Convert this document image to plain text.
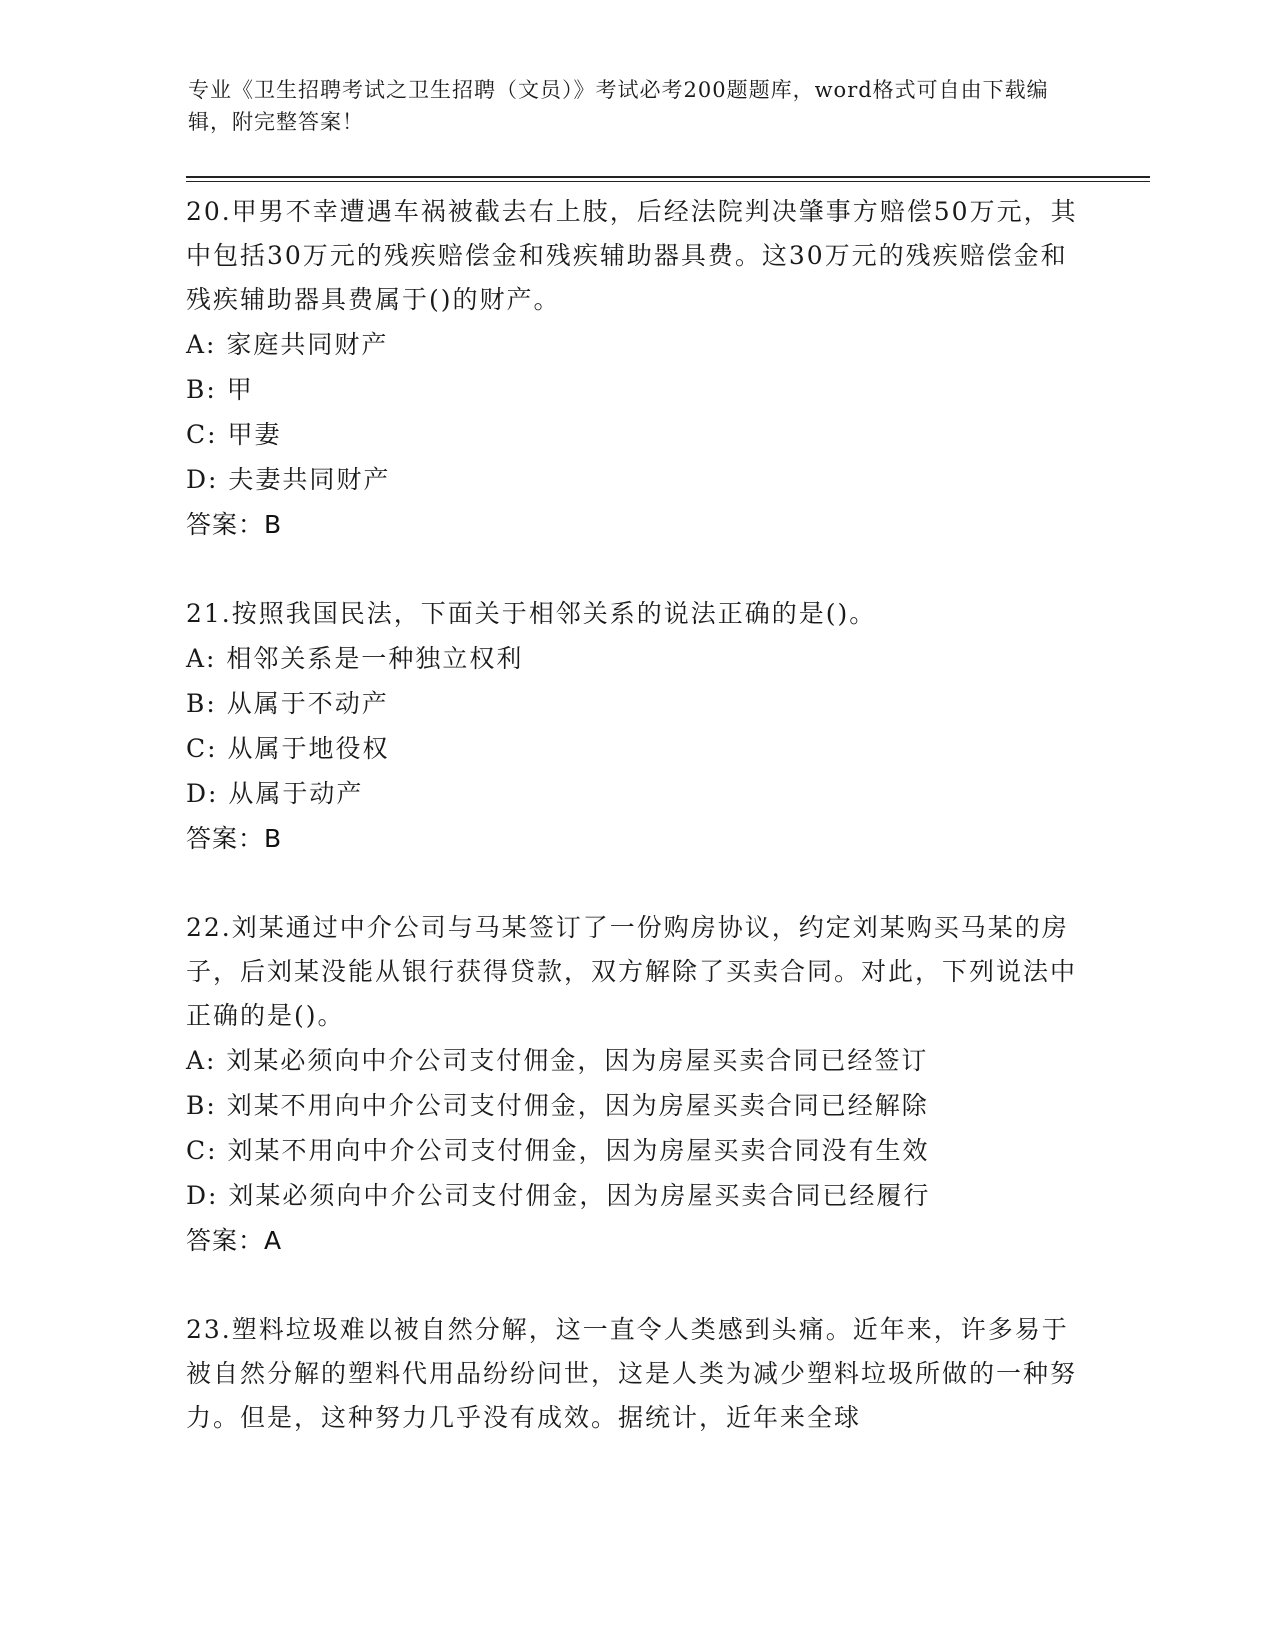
专业《卫生招聘考试之卫生招聘（文员）》考试必考200题题库，word格式可自由下载编辑，附完整答案！

20.甲男不幸遭遇车祸被截去右上肢，后经法院判决肇事方赔偿50万元，其中包括30万元的残疾赔偿金和残疾辅助器具费。这30万元的残疾赔偿金和残疾辅助器具费属于()的财产。

A: 家庭共同财产

B: 甲

C: 甲妻

D: 夫妻共同财产

答案：B

21.按照我国民法，下面关于相邻关系的说法正确的是()。

A: 相邻关系是一种独立权利

B: 从属于不动产

C: 从属于地役权

D: 从属于动产

答案：B

22.刘某通过中介公司与马某签订了一份购房协议，约定刘某购买马某的房子，后刘某没能从银行获得贷款，双方解除了买卖合同。对此，下列说法中正确的是()。

A: 刘某必须向中介公司支付佣金，因为房屋买卖合同已经签订

B: 刘某不用向中介公司支付佣金，因为房屋买卖合同已经解除

C: 刘某不用向中介公司支付佣金，因为房屋买卖合同没有生效

D: 刘某必须向中介公司支付佣金，因为房屋买卖合同已经履行

答案：A

23.塑料垃圾难以被自然分解，这一直令人类感到头痛。近年来，许多易于被自然分解的塑料代用品纷纷问世，这是人类为减少塑料垃圾所做的一种努力。但是，这种努力几乎没有成效。据统计，近年来全球
